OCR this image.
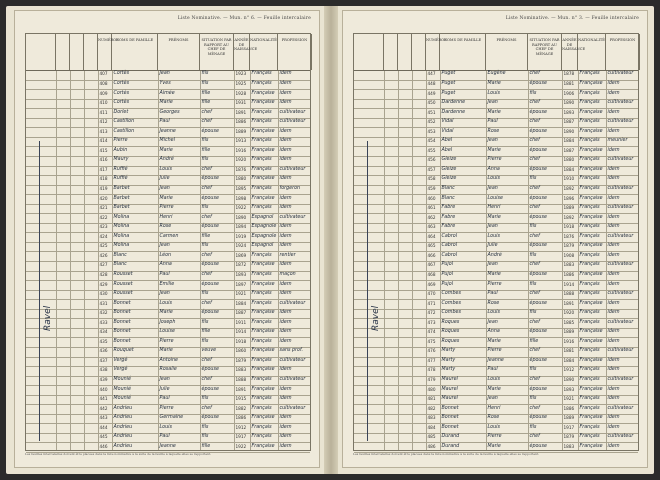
Liste Nominative. — Mun. n° 6. — Feuille intercalaire
NUMÉROS
NOMS DE FAMILLE	PRÉNOMS	SITUATION PAR RAPPORT AU CHEF DE MÉNAGE
ANNÉE DE NAISSANCE
NATIONALITÉ	PROFESSION
407	Cortès	Jean	fils	1923	Français	idem
408	Cortès	Yves	fils	1925	Français	idem
409	Cortès	Aimée	fille	1928	Française	idem
410	Cortès	Marie	fille	1931	Française	idem
411	Dorlet	Georges	chef	1891	Français	cultivateur
412	Castillon	Paul	chef	1886	Français	cultivateur
413	Castillon	Jeanne	épouse	1889	Française	idem
414	Pierre	Michel	fils	1913	Français	idem
415	Aubin	Marie	fille	1916	Française	idem
416	Maury	André	fils	1920	Français	idem
417	Ruffié	Louis	chef	1876	Français	cultivateur
418	Ruffié	Julie	épouse	1880	Française	idem
419	Barbet	Jean	chef	1895	Français	forgeron
420	Barbet	Marie	épouse	1898	Française	idem
421	Barbet	Pierre	fils	1922	Français	idem
422	Molina	Henri	chef	1890	Espagnol	cultivateur
423	Molina	Rose	épouse	1894	Espagnole idem
424	Molina	Carmen	fille	1919	Espagnole idem
425	Molina	Jean	fils	1924	Espagnol	idem
426	Blanc	Léon	chef	1869	Français	rentier
427	Blanc	Anna	épouse	1872	Française	idem
428	Rousset	Paul	chef	1893	Français	maçon
429	Rousset	Emilie	épouse	1897	Française	idem
430	Rousset	Jean	fils	1921	Français	idem
431	Bonnet	Louis	chef	1884	Français	cultivateur
432	Bonnet	Marie	épouse	1887	Française	idem
433	Bonnet	Joseph	fils	1911	Français	idem
434	Bonnet	Louise	fille	1914	Française	idem
435	Bonnet	Pierre	fils	1918	Français	idem
436	Rouquet	Marie	veuve	1860	Française	sans prof.
437	Vergé	Antoine	chef	1879	Français	cultivateur
438	Vergé	Rosalie	épouse	1883	Française	idem
439	Mounié	Jean	chef	1888	Français	cultivateur
440	Mounié	Julie	épouse	1891	Française	idem
441	Mounié	Paul	fils	1915	Français	idem
442	Andrieu	Pierre	chef	1882	Français	cultivateur
443	Andrieu	Germaine	épouse	1886	Française	idem
444	Andrieu	Louis	fils	1912	Français	idem
445	Andrieu	Paul	fils	1917	Français	idem
446	Andrieu	Jeanne	fille	1922	Française	idem
Ravel
Les feuilles intercalaires doivent être placées dans la liste nominative à la suite de la feuille à laquelle elles se rapportent.
Liste Nominative. — Mun. n° 3. — Feuille intercalaire
NUMÉROS
NOMS DE FAMILLE	PRÉNOMS	SITUATION PAR RAPPORT AU CHEF DE MÉNAGE
ANNÉE DE NAISSANCE
NATIONALITÉ	PROFESSION
447	Puget	Eugène	chef	1878	Français	cultivateur
448	Puget	Marie	épouse	1881	Française	idem
449	Puget	Louis	fils	1906	Français	idem
450	Dardenne	Jean	chef	1890	Français	cultivateur
451	Dardenne	Marie	épouse	1893	Française	idem
452	Vidal	Paul	chef	1887	Français	cultivateur
453	Vidal	Rose	épouse	1890	Française	idem
454	Abel	Jean	chef	1884	Français	meunier
455	Abel	Marie	épouse	1887	Française	idem
456	Gleize	Pierre	chef	1880	Français	cultivateur
457	Gleize	Anna	épouse	1884	Française	idem
458	Gleize	Louis	fils	1910	Français	idem
459	Blanc	Jean	chef	1892	Français	cultivateur
460	Blanc	Louise	épouse	1896	Française	idem
461	Fabre	Henri	chef	1889	Français	cultivateur
462	Fabre	Marie	épouse	1892	Française	idem
463	Fabre	Jean	fils	1918	Français	idem
464	Cabrol	Louis	chef	1876	Français	cultivateur
465	Cabrol	Julie	épouse	1879	Française	idem
466	Cabrol	André	fils	1908	Français	idem
467	Pujol	Jean	chef	1883	Français	cultivateur
468	Pujol	Marie	épouse	1886	Française	idem
469	Pujol	Pierre	fils	1914	Français	idem
470	Combes	Paul	chef	1888	Français	cultivateur
471	Combes	Rose	épouse	1891	Française	idem
472	Combes	Louis	fils	1920	Français	idem
473	Roques	Jean	chef	1885	Français	cultivateur
474	Roques	Anna	épouse	1889	Française	idem
475	Roques	Marie	fille	1916	Française	idem
476	Marty	Pierre	chef	1881	Français	cultivateur
477	Marty	Jeanne	épouse	1884	Française	idem
478	Marty	Paul	fils	1912	Français	idem
479	Maurel	Louis	chef	1890	Français	cultivateur
480	Maurel	Marie	épouse	1893	Française	idem
481	Maurel	Jean	fils	1921	Français	idem
482	Bonnet	Henri	chef	1886	Français	cultivateur
483	Bonnet	Rose	épouse	1889	Française	idem
484	Bonnet	Louis	fils	1917	Français	idem
485	Durand	Pierre	chef	1879	Français	cultivateur
486	Durand	Marie	épouse	1883	Française	idem
Ravel
Les feuilles intercalaires doivent être placées dans la liste nominative à la suite de la feuille à laquelle elles se rapportent.
